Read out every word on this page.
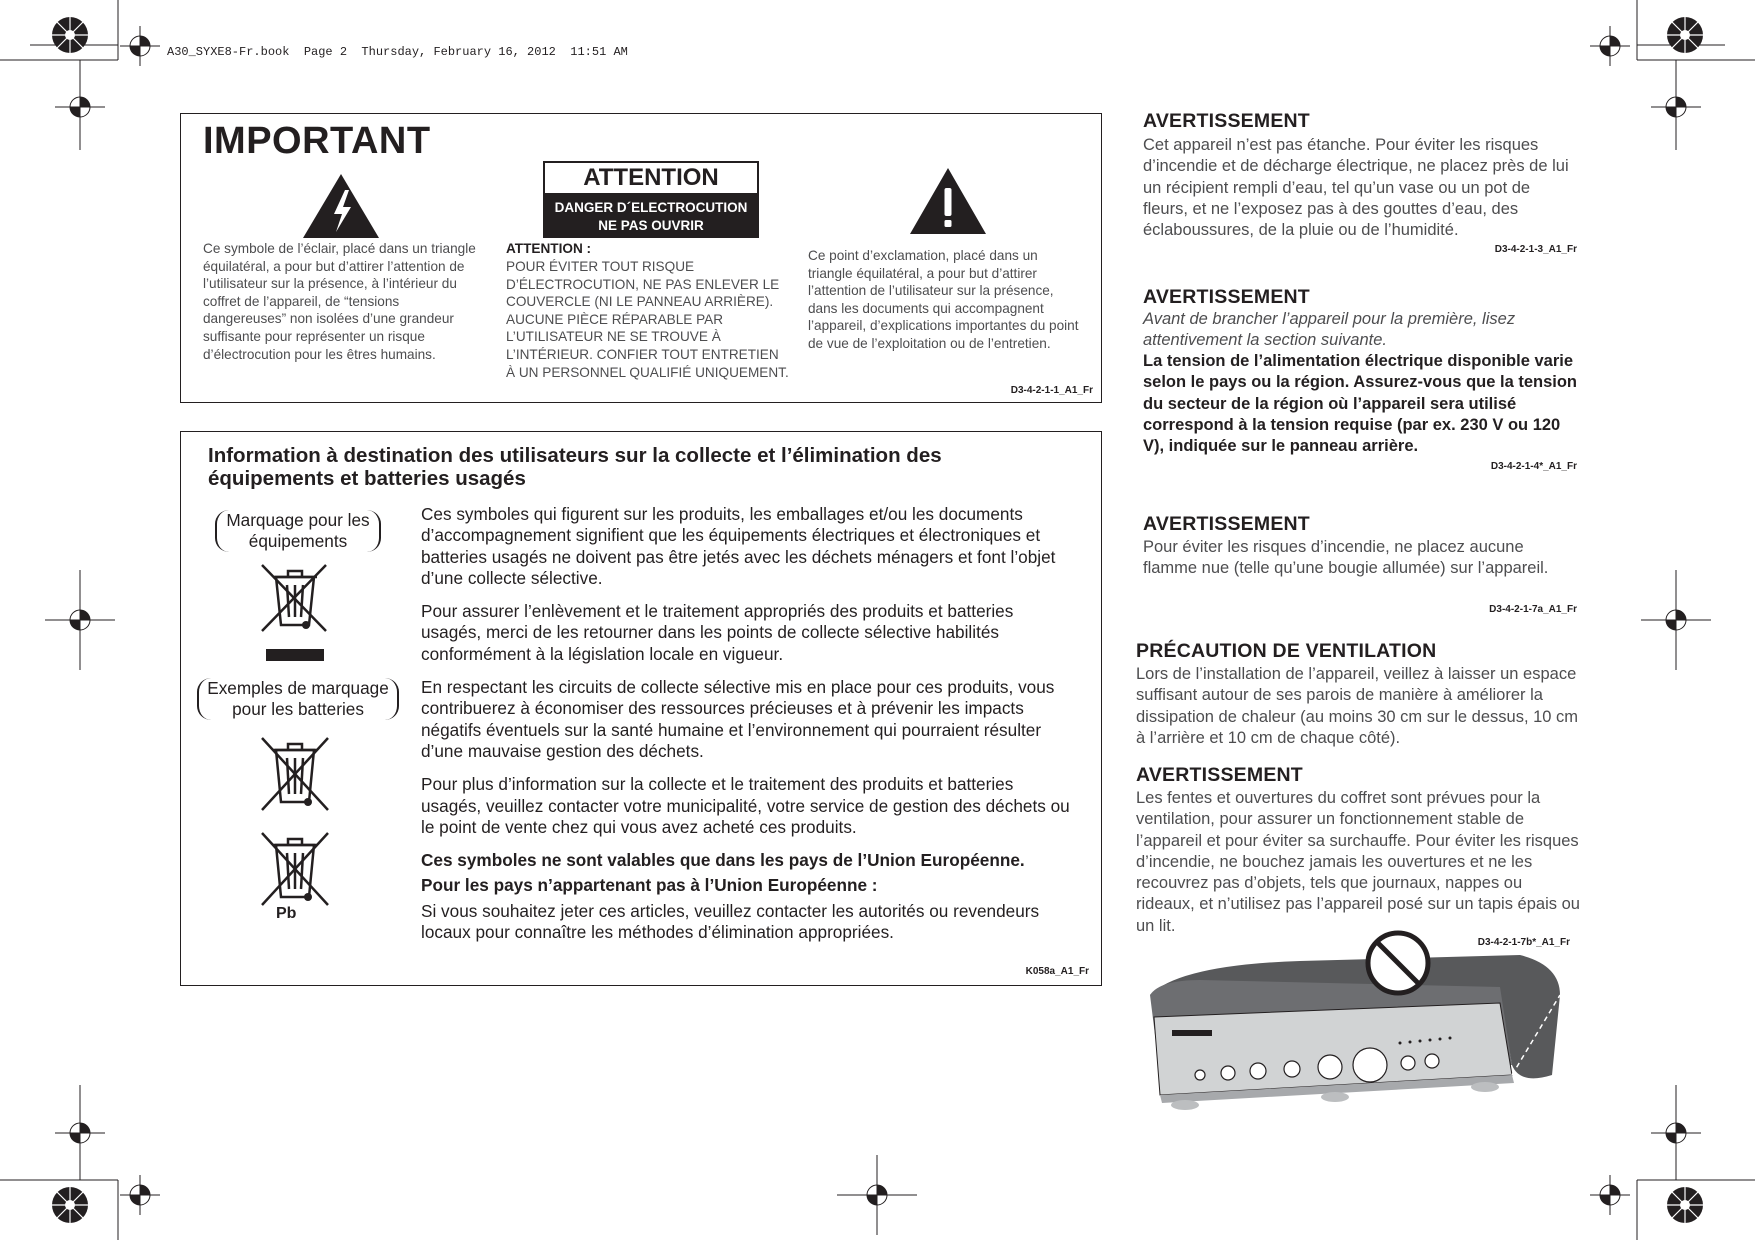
A30_SYXE8-Fr.book  Page 2  Thursday, February 16, 2012  11:51 AM
IMPORTANT
Ce symbole de l’éclair, placé dans un triangle équilatéral, a pour but d’attirer l’attention de l’utilisateur sur la présence, à l’intérieur du coffret de l’appareil, de “tensions dangereuses” non isolées d’une grandeur suffisante pour représenter un risque d’électrocution pour les êtres humains.
ATTENTION
DANGER D´ELECTROCUTION
NE PAS OUVRIR
ATTENTION :
POUR ÉVITER TOUT RISQUE D’ÉLECTROCUTION, NE PAS ENLEVER LE COUVERCLE (NI LE PANNEAU ARRIÈRE). AUCUNE PIÈCE RÉPARABLE PAR L’UTILISATEUR NE SE TROUVE À L’INTÉRIEUR. CONFIER TOUT ENTRETIEN À UN PERSONNEL QUALIFIÉ UNIQUEMENT.
Ce point d’exclamation, placé dans un triangle équilatéral, a pour but d’attirer l’attention de l’utilisateur sur la présence, dans les documents qui accompagnent l’appareil, d’explications importantes du point de vue de l’exploitation ou de l’entretien.
D3-4-2-1-1_A1_Fr
Information à destination des utilisateurs sur la collecte et l’élimination des équipements et batteries usagés
Marquage pour les équipements
Exemples de marquage pour les batteries
Pb

Ces symboles qui figurent sur les produits, les emballages et/ou les documents d’accompagnement signifient que les équipements électriques et électroniques et batteries usagés ne doivent pas être jetés avec les déchets ménagers et font l’objet d’une collecte sélective.

Pour assurer l’enlèvement et le traitement appropriés des produits et batteries usagés, merci de les retourner dans les points de collecte sélective habilités conformément à la législation locale en vigueur.

En respectant les circuits de collecte sélective mis en place pour ces produits, vous contribuerez à économiser des ressources précieuses et à prévenir les impacts négatifs éventuels sur la santé humaine et l’environnement qui pourraient résulter d’une mauvaise gestion des déchets.

Pour plus d’information sur la collecte et le traitement des produits et batteries usagés, veuillez contacter votre municipalité, votre service de gestion des déchets ou le point de vente chez qui vous avez acheté ces produits.

Ces symboles ne sont valables que dans les pays de l’Union Européenne.

Pour les pays n’appartenant pas à l’Union Européenne :

Si vous souhaitez jeter ces articles, veuillez contacter les autorités ou revendeurs locaux pour connaître les méthodes d’élimination appropriées.

K058a_A1_Fr
AVERTISSEMENT
Cet appareil n’est pas étanche. Pour éviter les risques d’incendie et de décharge électrique, ne placez près de lui un récipient rempli d’eau, tel qu’un vase ou un pot de fleurs, et ne l’exposez pas à des gouttes d’eau, des éclaboussures, de la pluie ou de l’humidité.
D3-4-2-1-3_A1_Fr
AVERTISSEMENT
Avant de brancher l’appareil pour la première, lisez attentivement la section suivante.
La tension de l’alimentation électrique disponible varie selon le pays ou la région. Assurez-vous que la tension du secteur de la région où l’appareil sera utilisé correspond à la tension requise (par ex. 230 V ou 120 V), indiquée sur le panneau arrière.
D3-4-2-1-4*_A1_Fr
AVERTISSEMENT
Pour éviter les risques d’incendie, ne placez aucune flamme nue (telle qu’une bougie allumée) sur l’appareil.
D3-4-2-1-7a_A1_Fr
PRÉCAUTION DE VENTILATION
Lors de l’installation de l’appareil, veillez à laisser un espace suffisant autour de ses parois de manière à améliorer la dissipation de chaleur (au moins 30 cm sur le dessus, 10 cm à l’arrière et 10 cm de chaque côté).
AVERTISSEMENT
Les fentes et ouvertures du coffret sont prévues pour la ventilation, pour assurer un fonctionnement stable de l’appareil et pour éviter sa surchauffe. Pour éviter les risques d’incendie, ne bouchez jamais les ouvertures et ne les recouvrez pas d’objets, tels que journaux, nappes ou rideaux, et n’utilisez pas l’appareil posé sur un tapis épais ou un lit.
D3-4-2-1-7b*_A1_Fr
